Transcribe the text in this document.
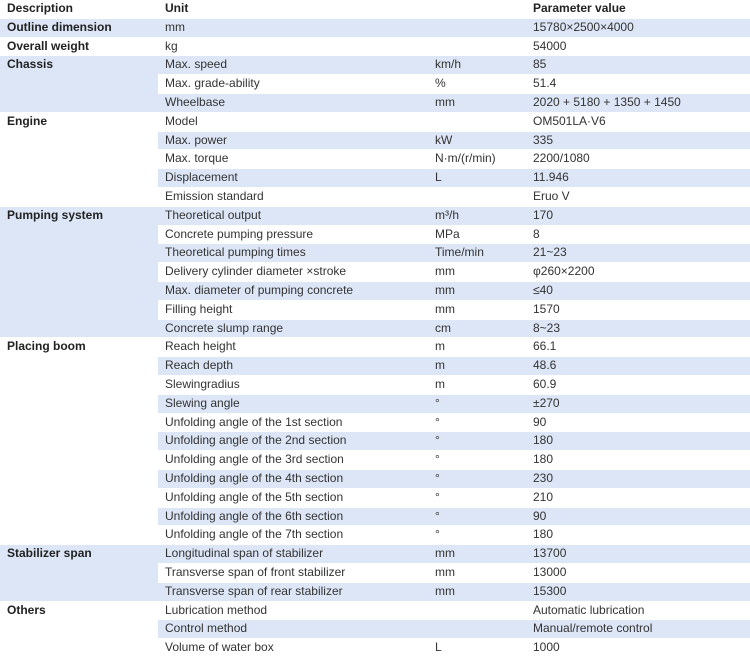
Description	Unit		Parameter value
Outline dimension	mm		15780×2500×4000
Overall weight	kg		54000
Chassis	Max. speed	km/h	85
	Max. grade-ability	%	51.4
	Wheelbase	mm	2020 + 5180 + 1350 + 1450
Engine	Model		OM501LA·V6
	Max. power	kW	335
	Max. torque	N·m/(r/min)	2200/1080
	Displacement	L	11.946
	Emission standard		Eruo V
Pumping system	Theoretical output	m³/h	170
	Concrete pumping pressure	MPa	8
	Theoretical pumping times	Time/min	21~23
	Delivery cylinder diameter ×stroke	mm	φ260×2200
	Max. diameter of pumping concrete	mm	≤40
	Filling height	mm	1570
	Concrete slump range	cm	8~23
Placing boom	Reach height	m	66.1
	Reach depth	m	48.6
	Slewingradius	m	60.9
	Slewing angle	°	±270
	Unfolding angle of the 1st section	°	90
	Unfolding angle of the 2nd section	°	180
	Unfolding angle of the 3rd section	°	180
	Unfolding angle of the 4th section	°	230
	Unfolding angle of the 5th section	°	210
	Unfolding angle of the 6th section	°	90
	Unfolding angle of the 7th section	°	180
Stabilizer span	Longitudinal span of stabilizer	mm	13700
	Transverse span of front stabilizer	mm	13000
	Transverse span of rear stabilizer	mm	15300
Others	Lubrication method		Automatic lubrication
	Control method		Manual/remote control
	Volume of water box	L	1000
